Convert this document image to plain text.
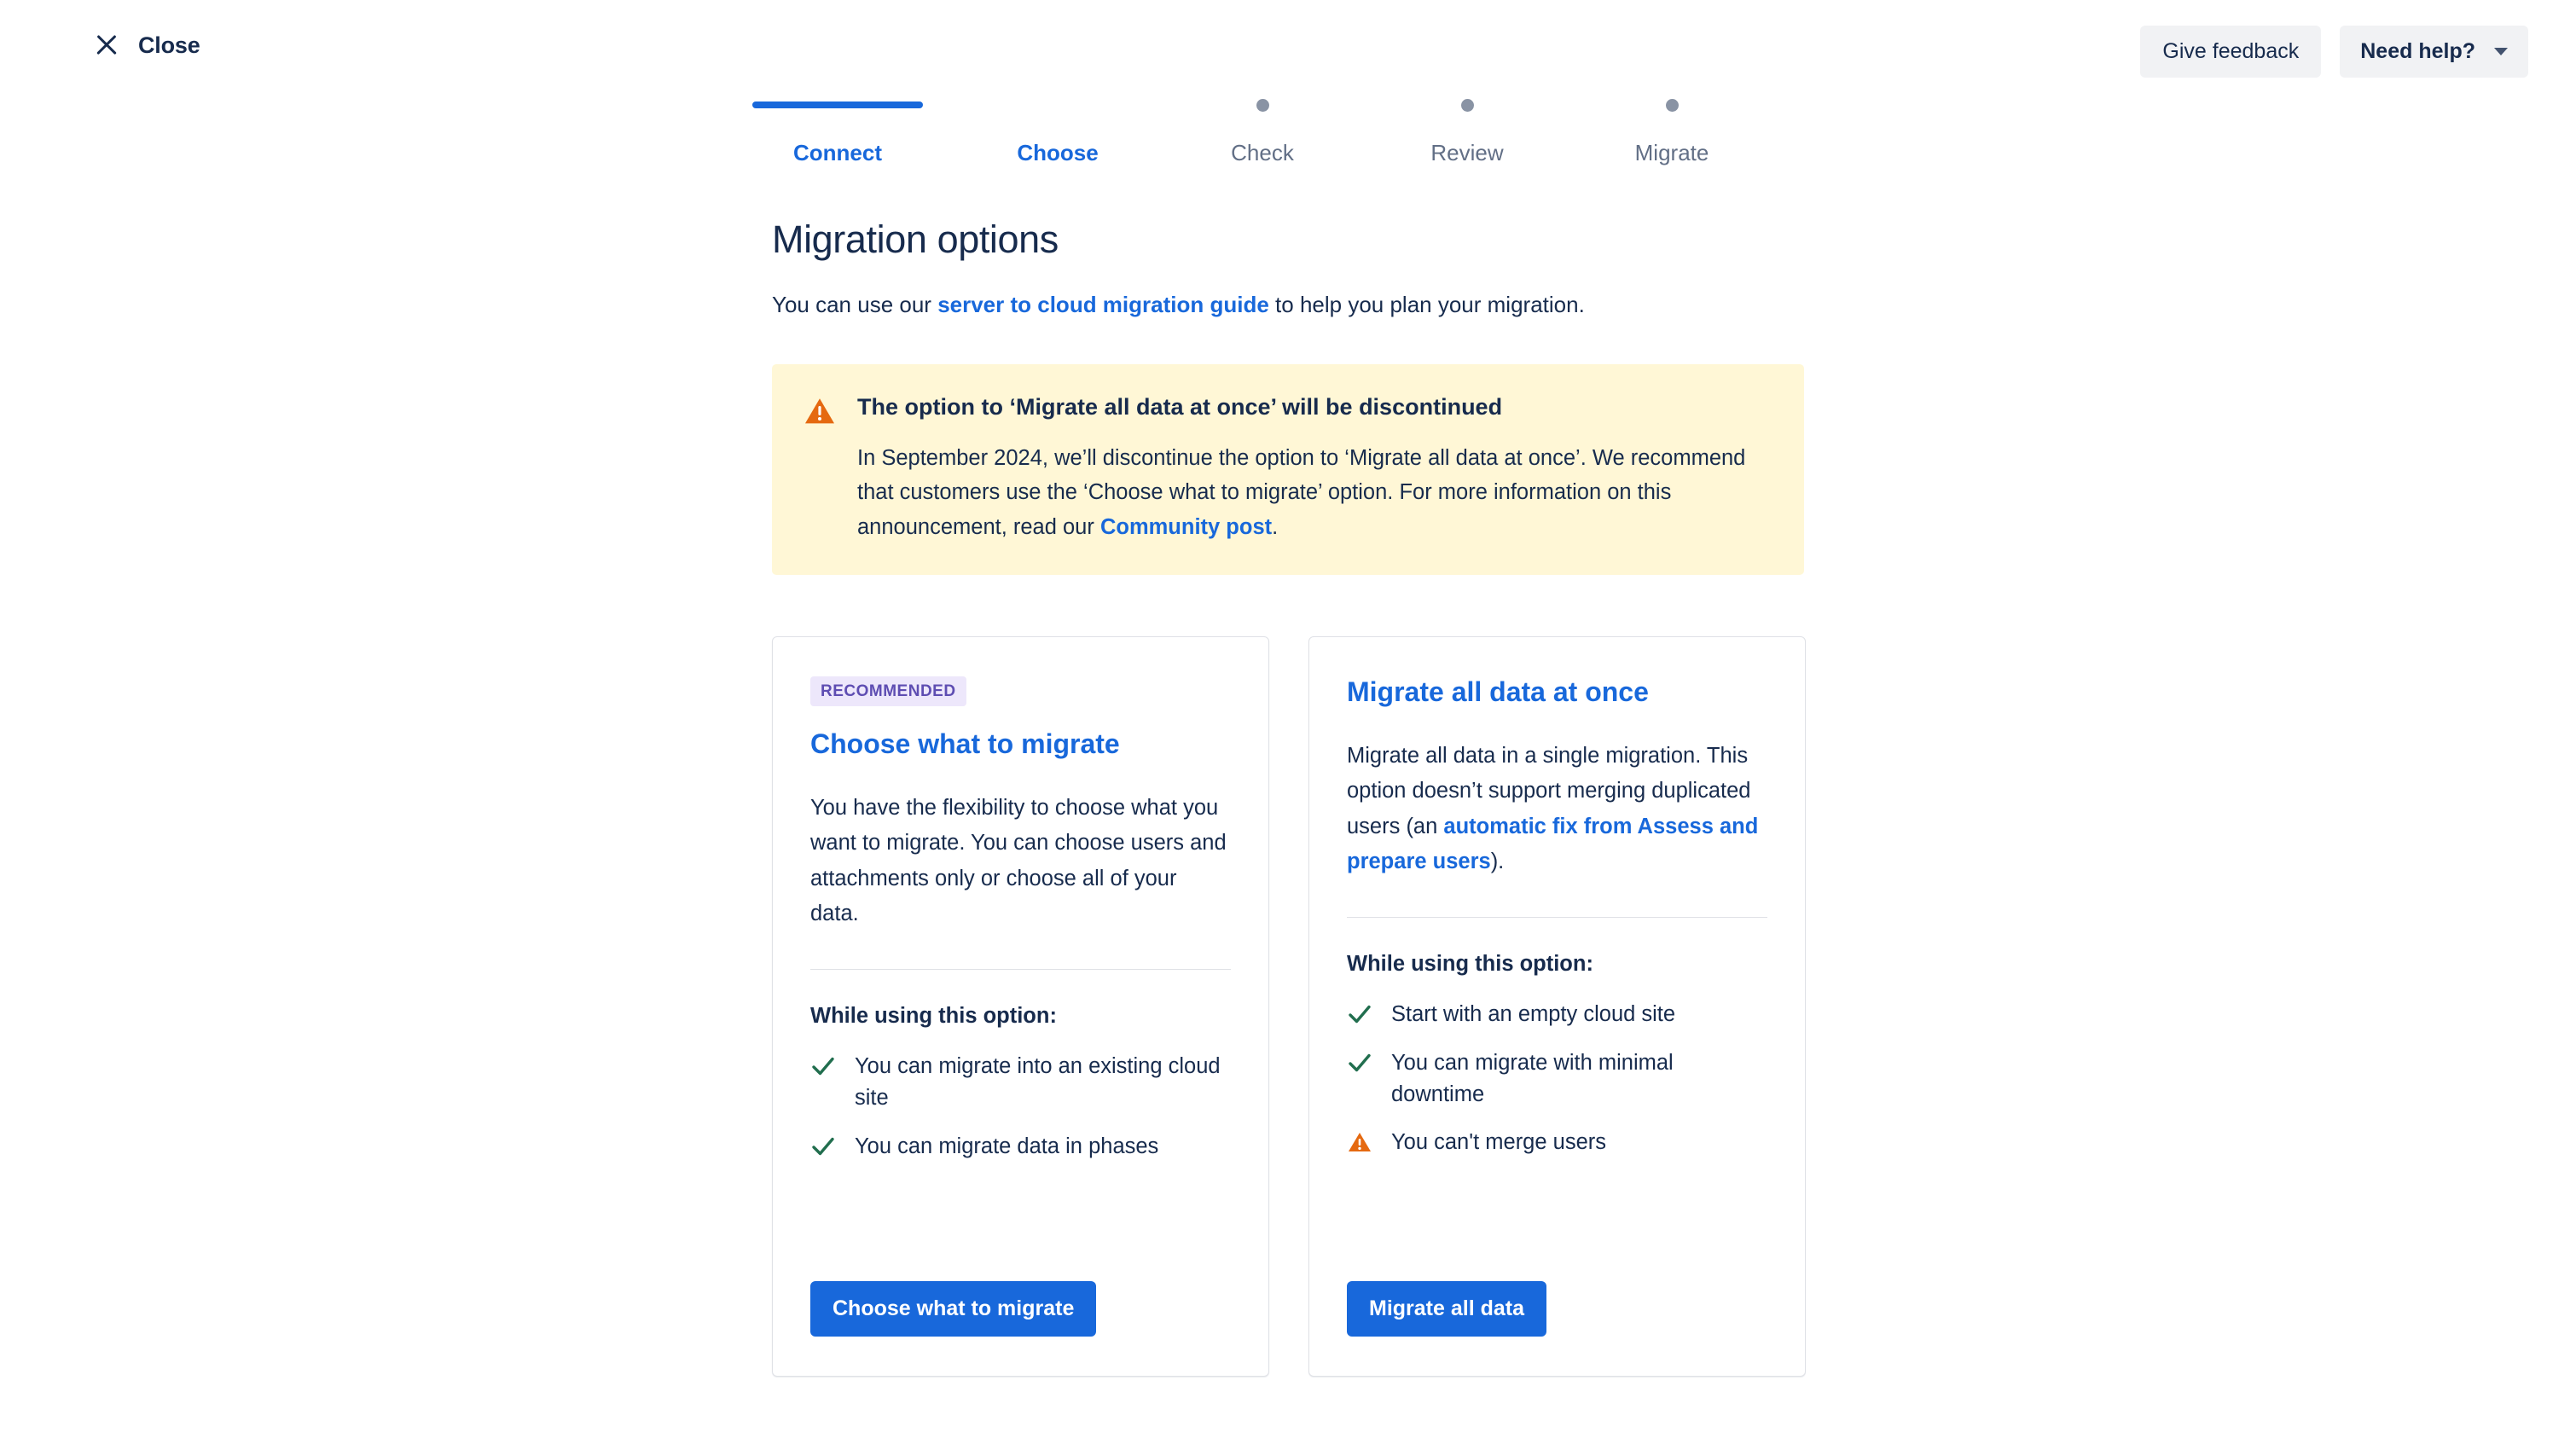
Close	Give feedback	Need help?
Connect	Choose	Check	Review	Migrate
Migration options
You can use our server to cloud migration guide to help you plan your migration.
The option to ‘Migrate all data at once’ will be discontinued
In September 2024, we’ll discontinue the option to ‘Migrate all data at once’. We recommend that customers use the ‘Choose what to migrate’ option. For more information on this announcement, read our Community post.
RECOMMENDED
Choose what to migrate
You have the flexibility to choose what you want to migrate. You can choose users and attachments only or choose all of your data.
While using this option:
You can migrate into an existing cloud site
You can migrate data in phases
Choose what to migrate
Migrate all data at once
Migrate all data in a single migration. This option doesn’t support merging duplicated users (an automatic fix from Assess and prepare users).
While using this option:
Start with an empty cloud site
You can migrate with minimal downtime
You can't merge users
Migrate all data
